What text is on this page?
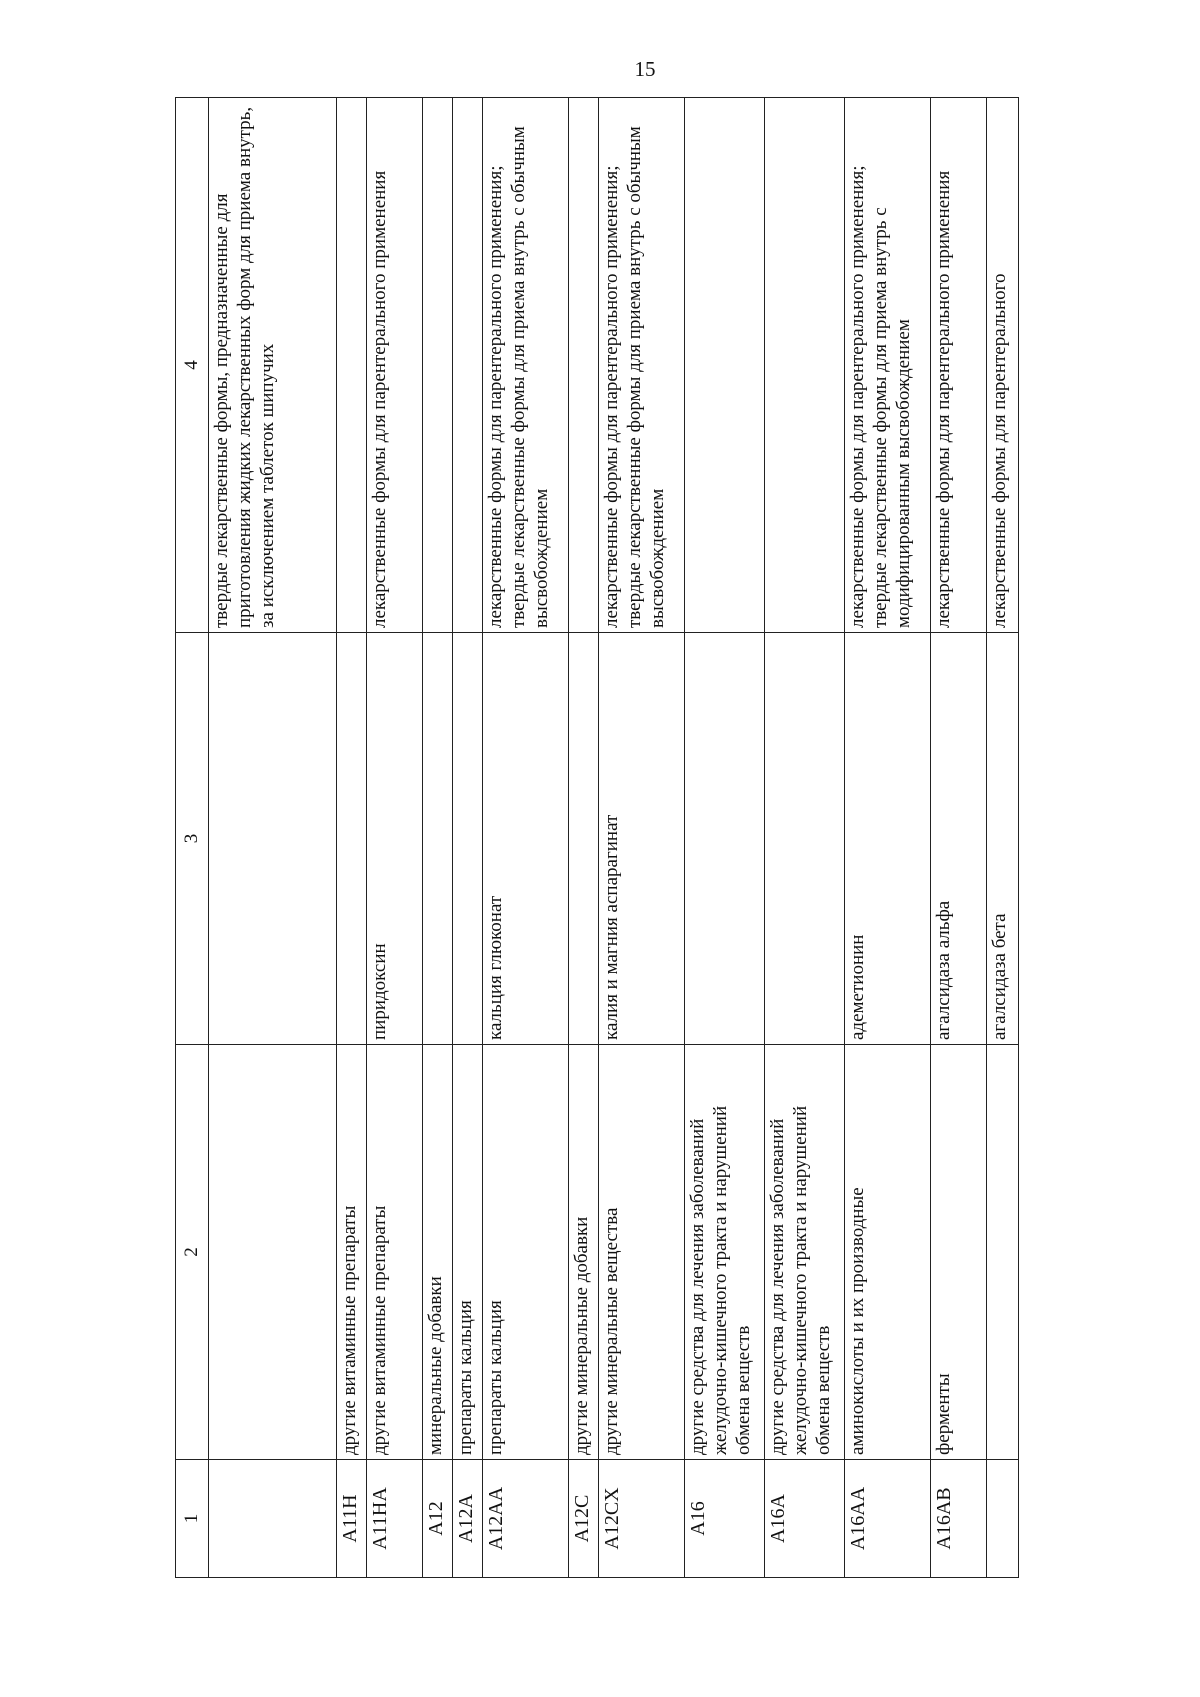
15
1	2	3	4

			твердые лекарственные формы, предназначенные для приготовления жидких лекарственных форм для приема внутрь, за исключением таблеток шипучих

A11H	другие витаминные препараты		

A11HA	другие витаминные препараты	пиридоксин	лекарственные формы для парентерального применения

A12	минеральные добавки		

A12A	препараты кальция		

A12AA	препараты кальция	кальция глюконат	лекарственные формы для парентерального применения; твердые лекарственные формы для приема внутрь с обычным высвобождением

A12C	другие минеральные добавки		

A12CX	другие минеральные вещества	калия и магния аспарагинат	лекарственные формы для парентерального применения; твердые лекарственные формы для приема внутрь с обычным высвобождением

A16	другие средства для лечения заболеваний желудочно-кишечного тракта и нарушений обмена веществ		

A16A	другие средства для лечения заболеваний желудочно-кишечного тракта и нарушений обмена веществ		

A16AA	аминокислоты и их производные	адеметионин	лекарственные формы для парентерального применения; твердые лекарственные формы для приема внутрь с модифицированным высвобождением

A16AB	ферменты	агалсидаза альфа	лекарственные формы для парентерального применения

		агалсидаза бета	лекарственные формы для парентерального
